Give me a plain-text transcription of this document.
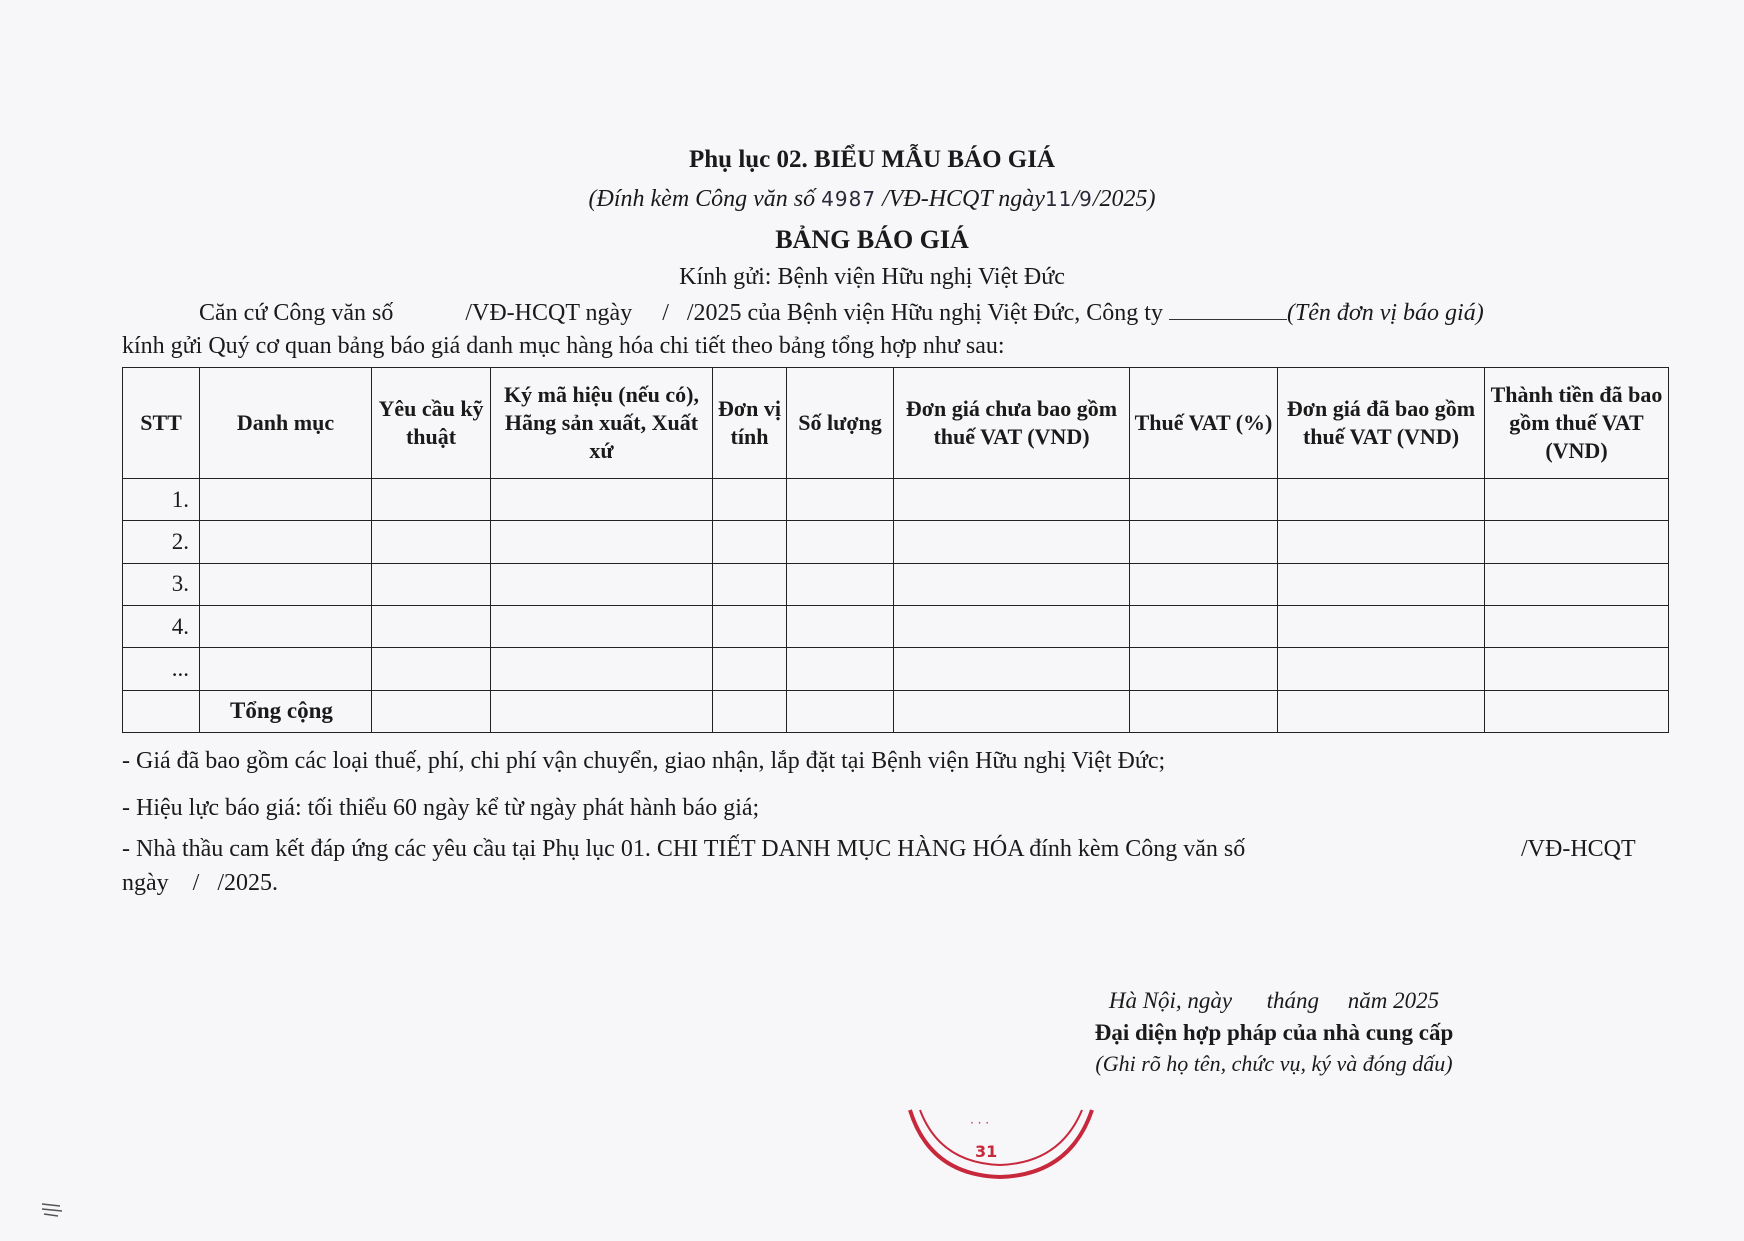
Phụ lục 02. BIỂU MẪU BÁO GIÁ
(Đính kèm Công văn số 4987 /VĐ-HCQT ngày11/9/2025)
BẢNG BÁO GIÁ
Kính gửi: Bệnh viện Hữu nghị Việt Đức
Căn cứ Công văn số            /VĐ-HCQT ngày     /   /2025 của Bệnh viện Hữu nghị Việt Đức, Công ty	(Tên đơn vị báo giá)
kính gửi Quý cơ quan bảng báo giá danh mục hàng hóa chi tiết theo bảng tổng hợp như sau:
STT	Danh mục	Yêu cầu kỹ thuật	Ký mã hiệu (nếu có), Hãng sản xuất, Xuất xứ	Đơn vị tính	Số lượng	Đơn giá chưa bao gồm thuế VAT (VND)	Thuế VAT (%)	Đơn giá đã bao gồm thuế VAT (VND)	Thành tiền đã bao gồm thuế VAT (VND)
1.									
2.									
3.									
4.									
...									
	Tổng cộng								
- Giá đã bao gồm các loại thuế, phí, chi phí vận chuyển, giao nhận, lắp đặt tại Bệnh viện Hữu nghị Việt Đức;
- Hiệu lực báo giá: tối thiểu 60 ngày kể từ ngày phát hành báo giá;
- Nhà thầu cam kết đáp ứng các yêu cầu tại Phụ lục 01. CHI TIẾT DANH MỤC HÀNG HÓA đính kèm Công văn số	/VĐ-HCQT
ngày    /   /2025.
Hà Nội, ngày      tháng     năm 2025
Đại diện hợp pháp của nhà cung cấp
(Ghi rõ họ tên, chức vụ, ký và đóng dấu)
31
· · ·
